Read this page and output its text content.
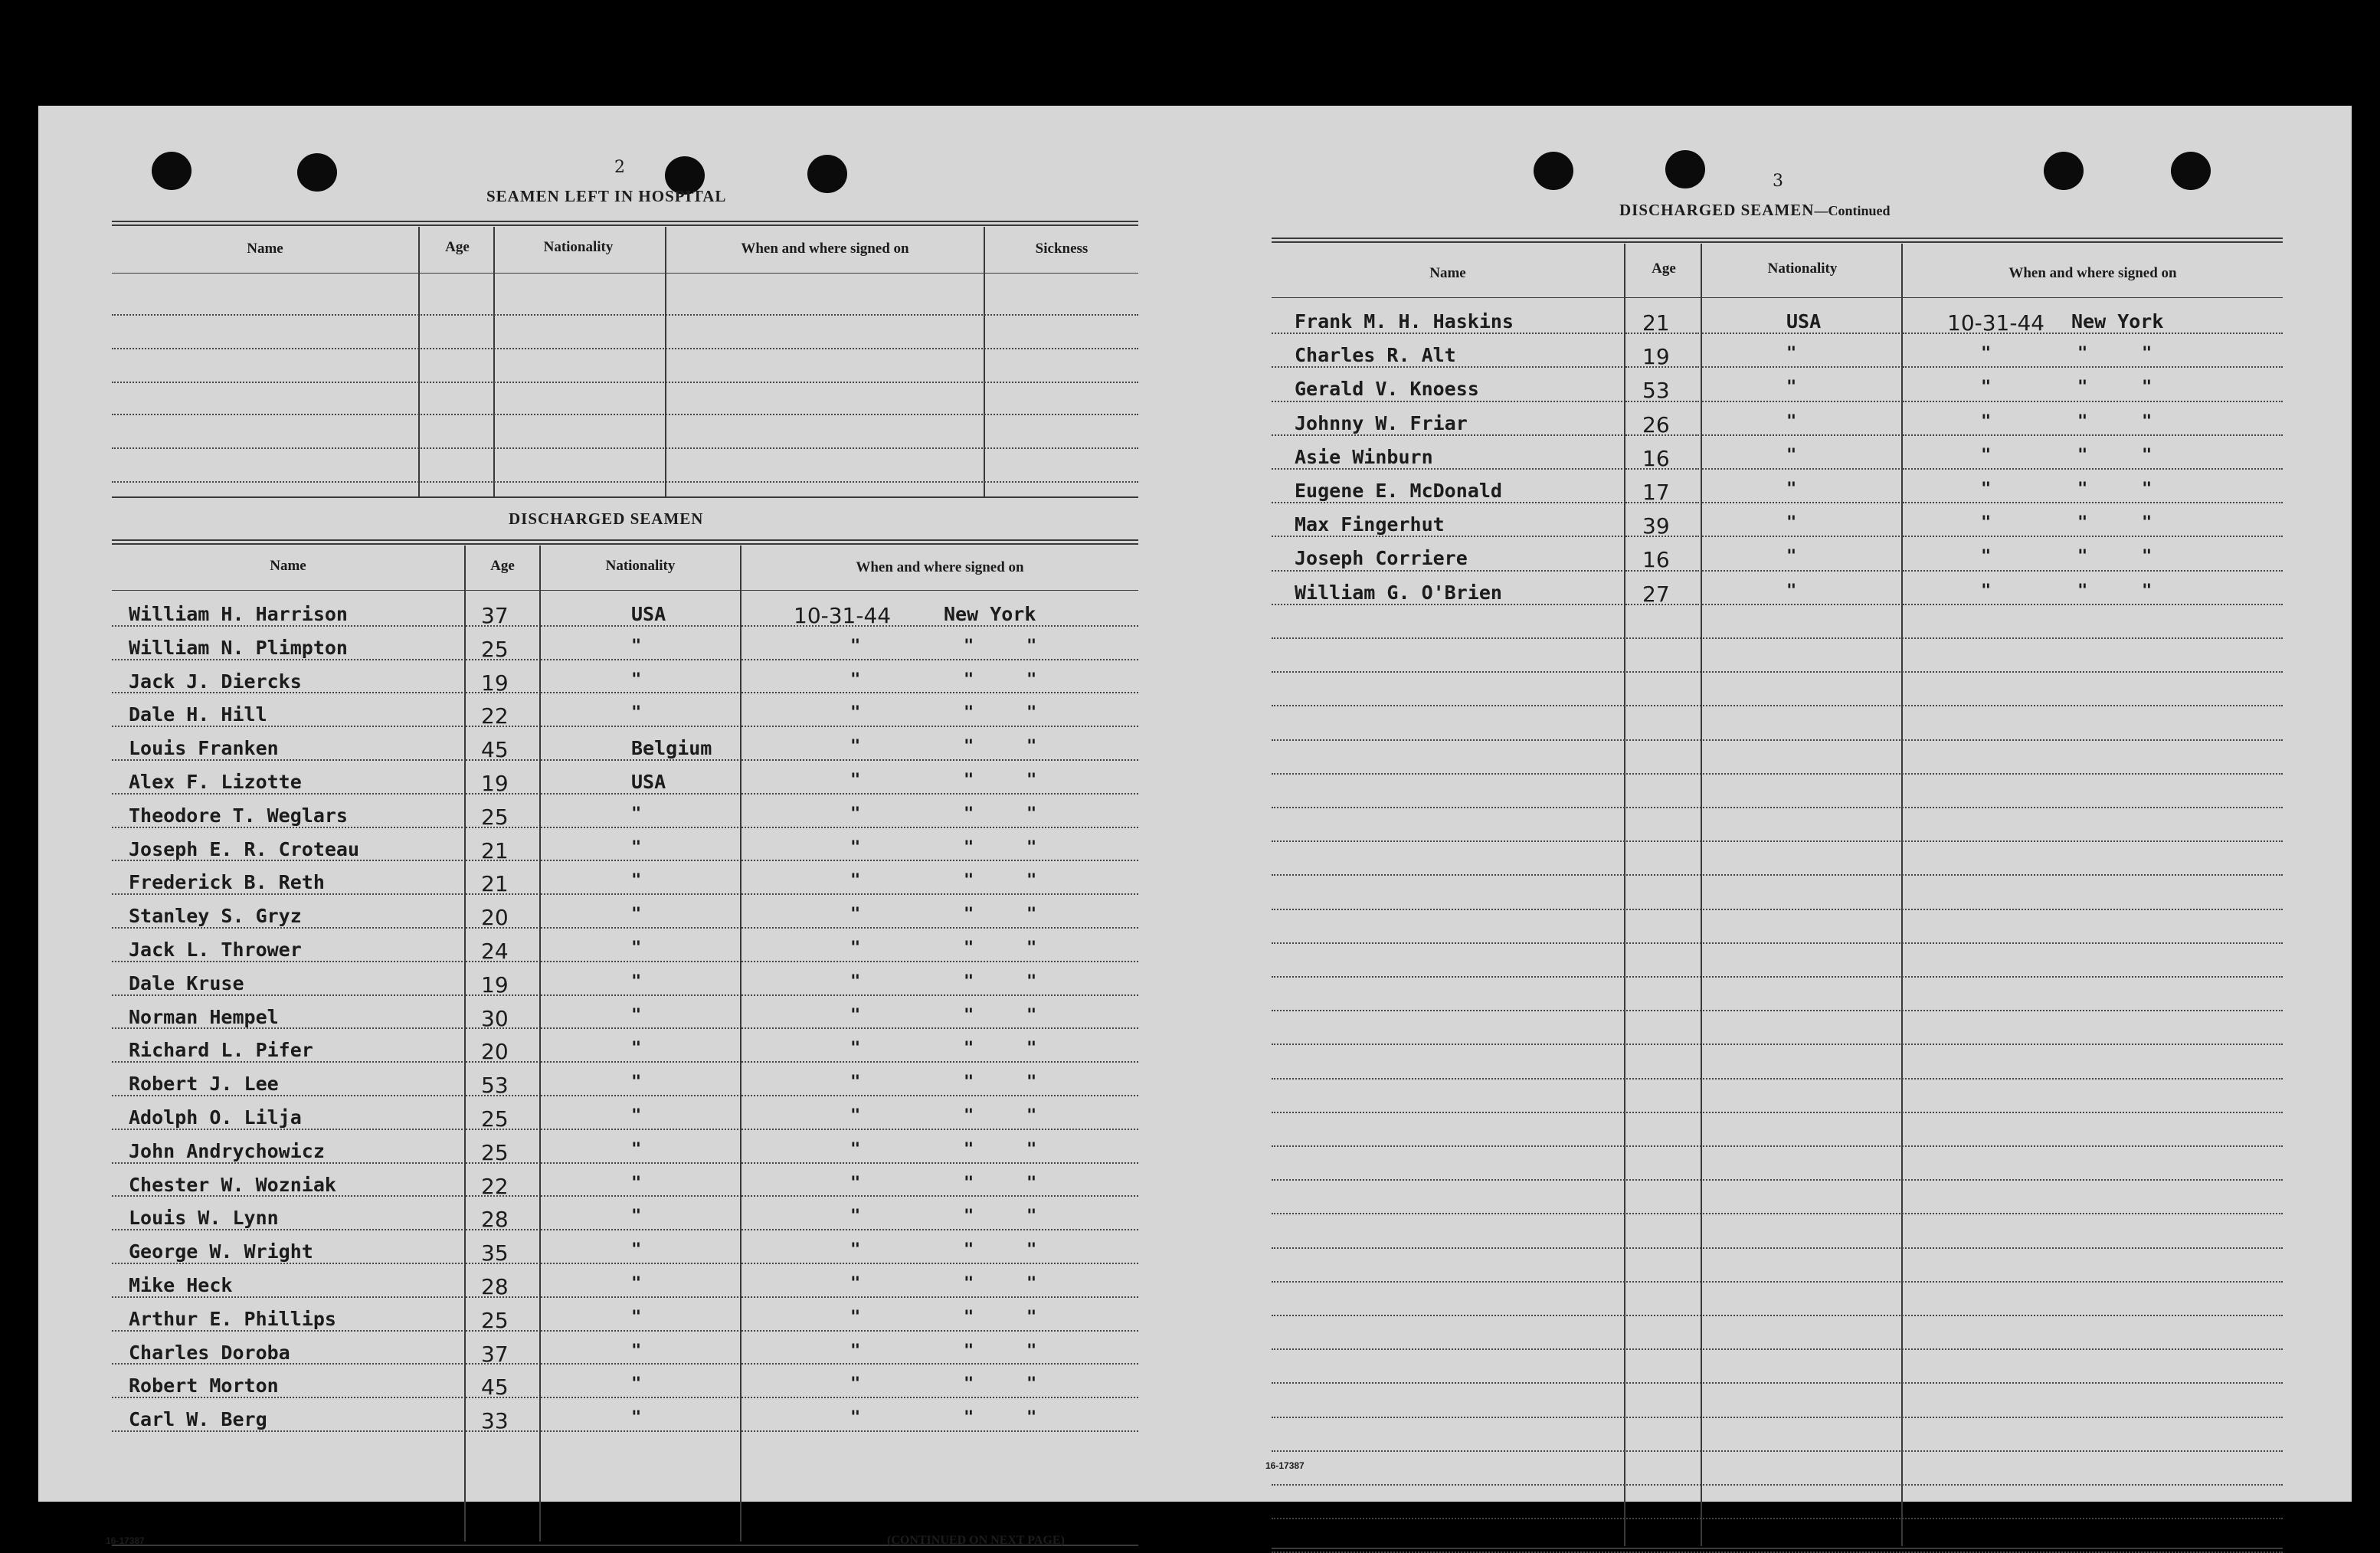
2
SEAMEN LEFT IN HOSPITAL
Name	Age	Nationality	When and where signed on	Sickness
DISCHARGED SEAMEN
Name	Age	Nationality	When and where signed on
William H. Harrison	37	USA	10-31-44	New York
William N. Plimpton	25	"	"	"	"
Jack J. Diercks	19	"	"	"	"
Dale H. Hill	22	"	"	"	"
Louis Franken	45	Belgium	"	"	"
Alex F. Lizotte	19	USA	"	"	"
Theodore T. Weglars	25	"	"	"	"
Joseph E. R. Croteau	21	"	"	"	"
Frederick B. Reth	21	"	"	"	"
Stanley S. Gryz	20	"	"	"	"
Jack L. Thrower	24	"	"	"	"
Dale Kruse	19	"	"	"	"
Norman Hempel	30	"	"	"	"
Richard L. Pifer	20	"	"	"	"
Robert J. Lee	53	"	"	"	"
Adolph O. Lilja	25	"	"	"	"
John Andrychowicz	25	"	"	"	"
Chester W. Wozniak	22	"	"	"	"
Louis W. Lynn	28	"	"	"	"
George W. Wright	35	"	"	"	"
Mike Heck	28	"	"	"	"
Arthur E. Phillips	25	"	"	"	"
Charles Doroba	37	"	"	"	"
Robert Morton	45	"	"	"	"
Carl W. Berg	33	"	"	"	"
16-17387	(CONTINUED ON NEXT PAGE)
3
DISCHARGED SEAMEN—Continued
Name	Age	Nationality	When and where signed on
Frank M. H. Haskins	21	USA	10-31-44 New York
Charles R. Alt	19	"	"	"	"
Gerald V. Knoess	53	"	"	"	"
Johnny W. Friar	26	"	"	"	"
Asie Winburn	16	"	"	"	"
Eugene E. McDonald	17	"	"	"	"
Max Fingerhut	39	"	"	"	"
Joseph Corriere	16	"	"	"	"
William G. O'Brien	27	"	"	"	"
16-17387
